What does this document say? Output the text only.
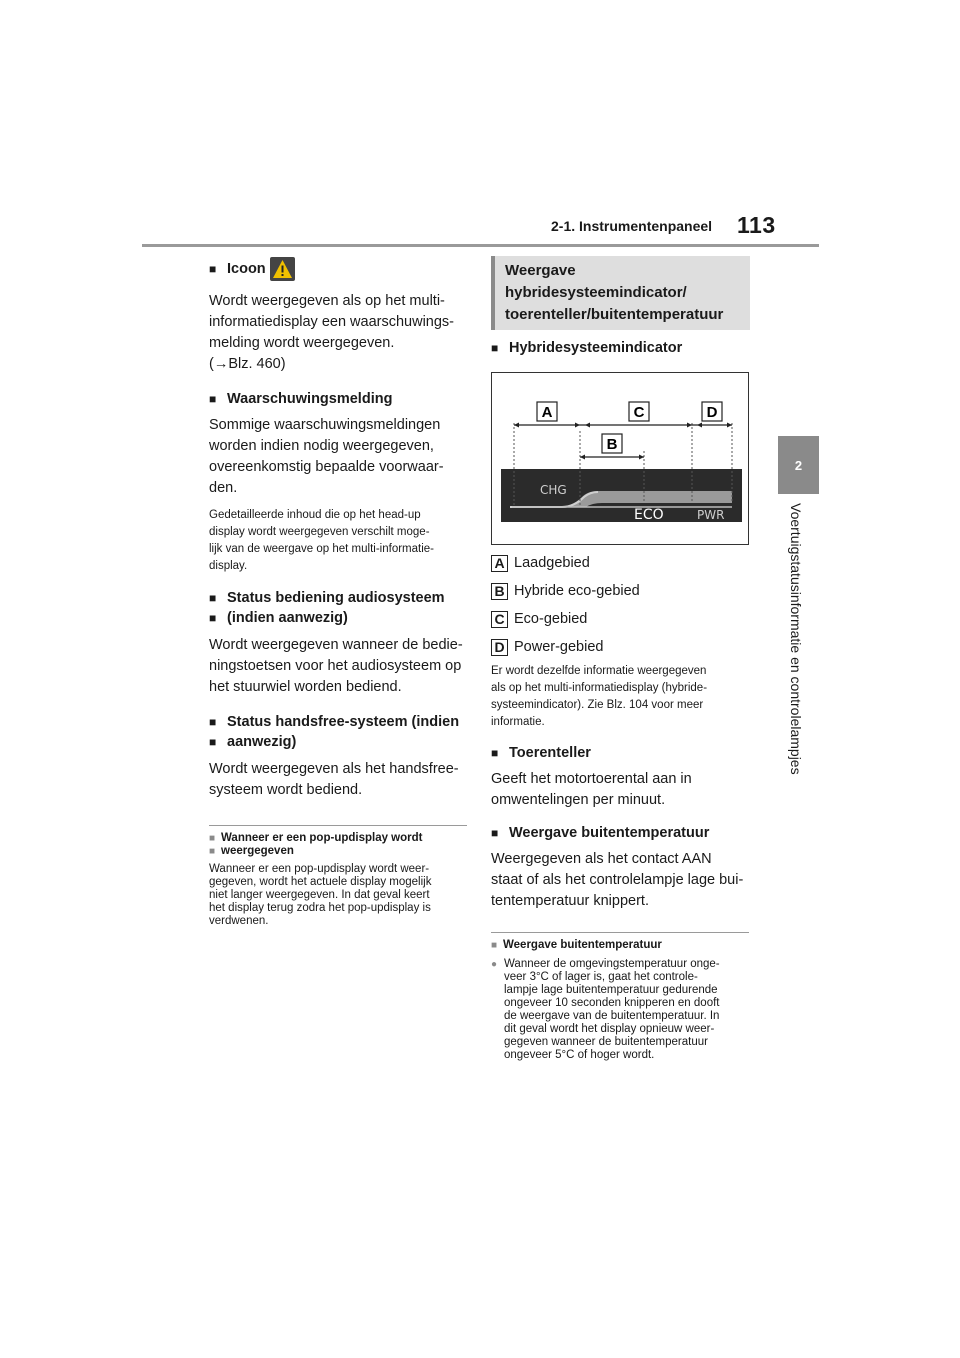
2-1. Instrumentenpaneel 113
2
Voertuigstatusinformatie en controlelampjes
■ Icoon
Wordt weergegeven als op het multi-
informatiedisplay een waarschuwings-
melding wordt weergegeven.
(→Blz. 460)
■ Waarschuwingsmelding
Sommige waarschuwingsmeldingen
worden indien nodig weergegeven,
overeenkomstig bepaalde voorwaar-
den.
Gedetailleerde inhoud die op het head-up
display wordt weergegeven verschilt moge-
lijk van de weergave op het multi-informatie-
display.
■ Status bediening audiosysteem
■ (indien aanwezig)
Wordt weergegeven wanneer de bedie-
ningstoetsen voor het audiosysteem op
het stuurwiel worden bediend.
■ Status handsfree-systeem (indien
■ aanwezig)
Wordt weergegeven als het handsfree-
systeem wordt bediend.
■ Wanneer er een pop-updisplay wordt
■ weergegeven
Wanneer er een pop-updisplay wordt weer-
gegeven, wordt het actuele display mogelijk
niet langer weergegeven. In dat geval keert
het display terug zodra het pop-updisplay is
verdwenen.
Weergave
hybridesysteemindicator/
toerenteller/buitentemperatuur
■ Hybridesysteemindicator
A	C	D
B
CHG
ECO	PWR
A Laadgebied
B Hybride eco-gebied
C Eco-gebied
D Power-gebied
Er wordt dezelfde informatie weergegeven
als op het multi-informatiedisplay (hybride-
systeemindicator). Zie Blz. 104 voor meer
informatie.
■ Toerenteller
Geeft het motortoerental aan in
omwentelingen per minuut.
■ Weergave buitentemperatuur
Weergegeven als het contact AAN
staat of als het controlelampje lage bui-
tentemperatuur knippert.
■ Weergave buitentemperatuur
● Wanneer de omgevingstemperatuur onge-
veer 3°C of lager is, gaat het controle-
lampje lage buitentemperatuur gedurende
ongeveer 10 seconden knipperen en dooft
de weergave van de buitentemperatuur. In
dit geval wordt het display opnieuw weer-
gegeven wanneer de buitentemperatuur
ongeveer 5°C of hoger wordt.
